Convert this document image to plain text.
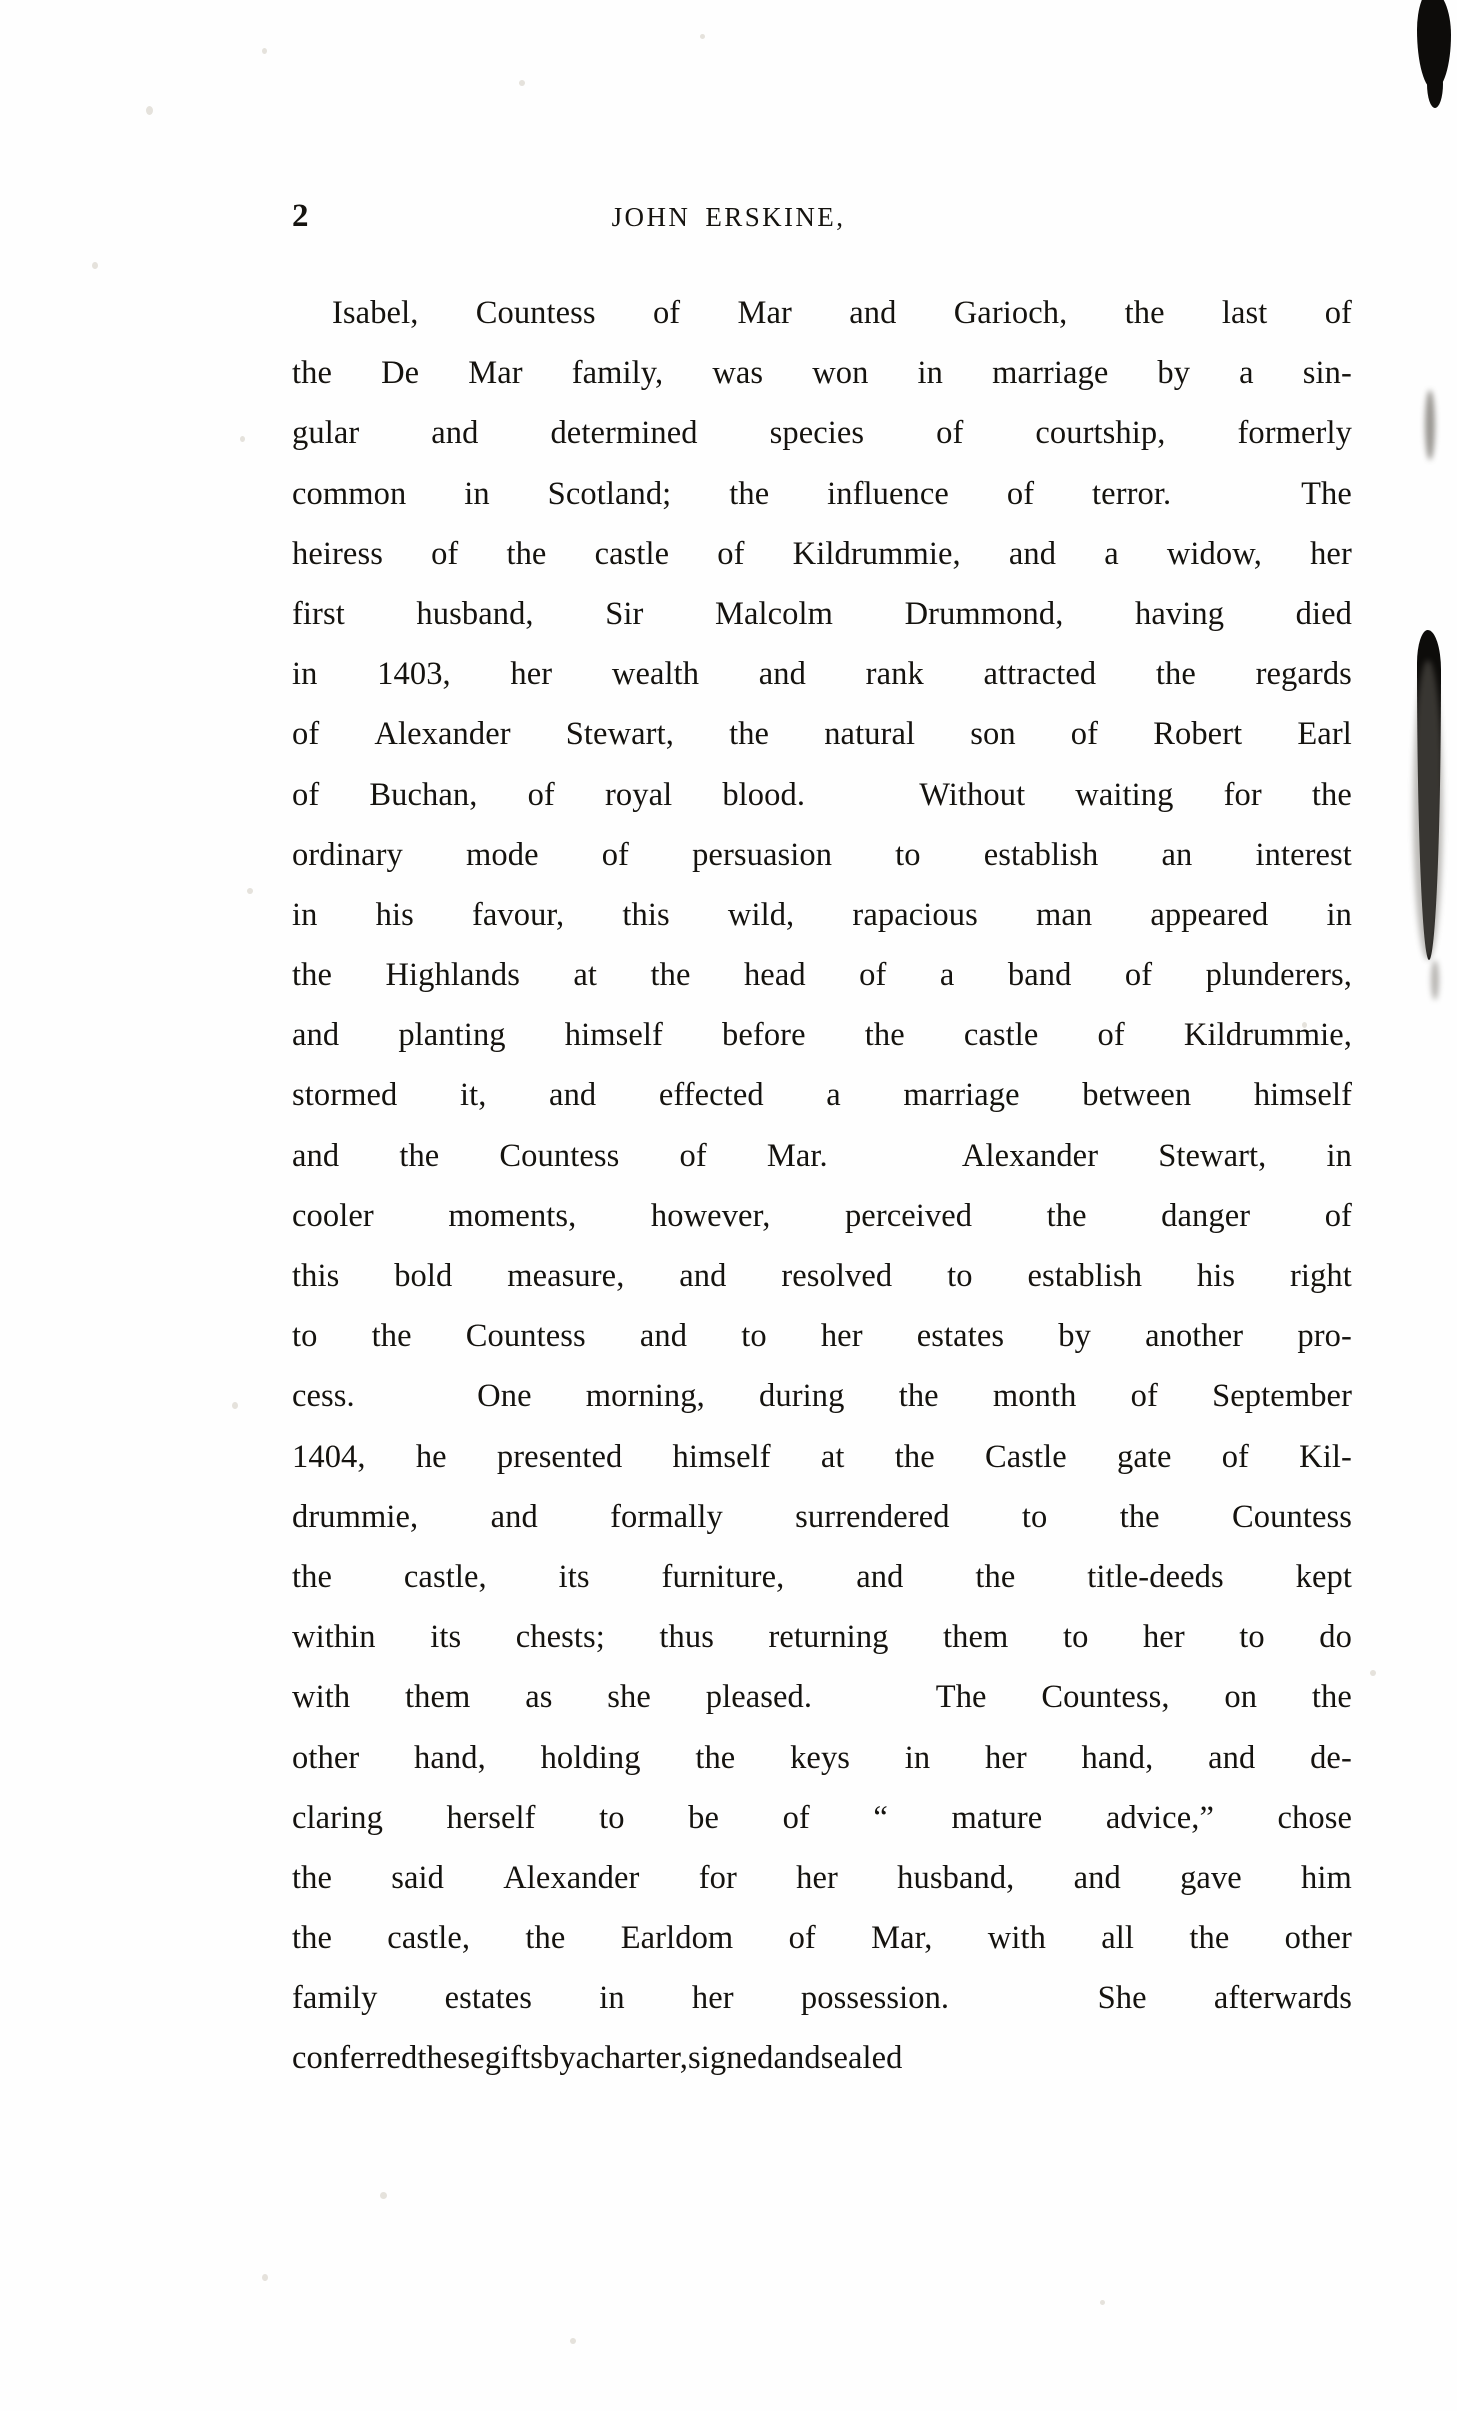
2	JOHN ERSKINE,
Isabel, Countess of Mar and Garioch, the last of
the De Mar family, was won in marriage by a sin-
gular and determined species of courtship, formerly
common in Scotland; the influence of terror.	The
heiress of the castle of Kildrummie, and a widow, her
first husband, Sir Malcolm Drummond, having died
in 1403, her wealth and rank attracted the regards
of Alexander Stewart, the natural son of Robert Earl
of Buchan, of royal blood.	Without waiting for the
ordinary mode of persuasion to establish an interest
in his favour, this wild, rapacious man appeared in
the Highlands at the head of a band of plunderers,
and planting himself before the castle of Kildrummie,
stormed it, and effected a marriage between himself
and the Countess of Mar.	Alexander Stewart, in
cooler moments, however, perceived the danger of
this bold measure, and resolved to establish his right
to the Countess and to her estates by another pro-
cess.	One morning, during the month of September
1404, he presented himself at the Castle gate of Kil-
drummie, and formally surrendered to the Countess
the castle, its furniture, and the title-deeds kept
within its chests; thus returning them to her to do
with them as she pleased.	The Countess, on the
other hand, holding the keys in her hand, and de-
claring herself to be of “ mature advice,” chose
the said Alexander for her husband, and gave him
the castle, the Earldom of Mar, with all the other
family estates in her possession.	She afterwards
conferred these gifts by a charter, signed and sealed
